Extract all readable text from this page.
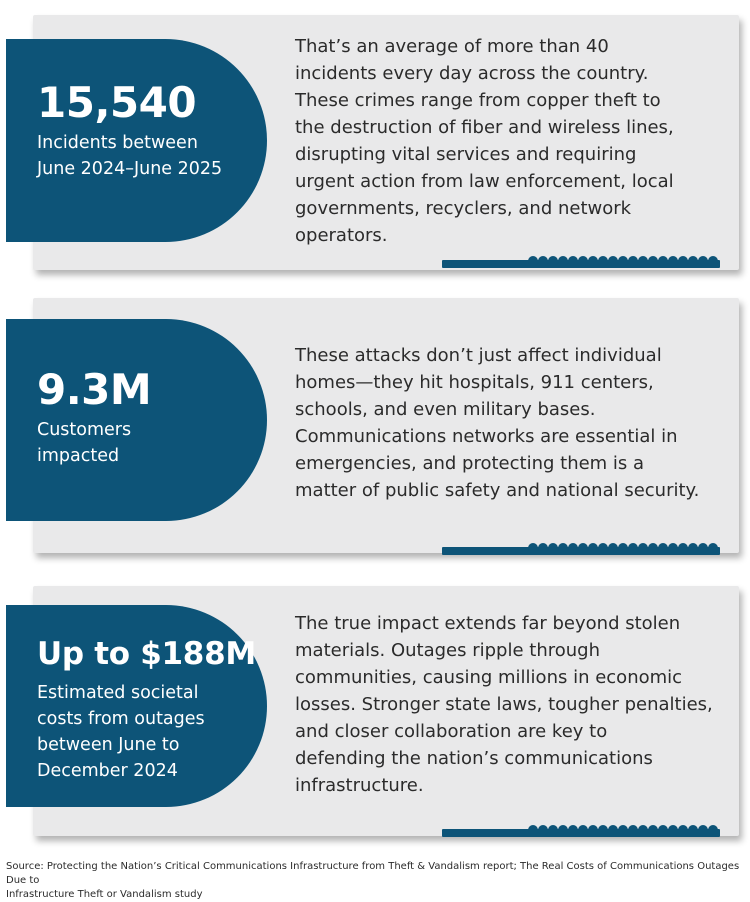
15,540
Incidents between
June 2024–June 2025
That’s an average of more than 40
incidents every day across the country.
These crimes range from copper theft to
the destruction of fiber and wireless lines,
disrupting vital services and requiring
urgent action from law enforcement, local
governments, recyclers, and network
operators.
9.3M
Customers
impacted
These attacks don’t just affect individual
homes—they hit hospitals, 911 centers,
schools, and even military bases.
Communications networks are essential in
emergencies, and protecting them is a
matter of public safety and national security.
Up to $188M
Estimated societal
costs from outages
between June to
December 2024
The true impact extends far beyond stolen
materials. Outages ripple through
communities, causing millions in economic
losses. Stronger state laws, tougher penalties,
and closer collaboration are key to
defending the nation’s communications
infrastructure.
Source: Protecting the Nation’s Critical Communications Infrastructure from Theft & Vandalism report; The Real Costs of Communications Outages Due to
Infrastructure Theft or Vandalism study
